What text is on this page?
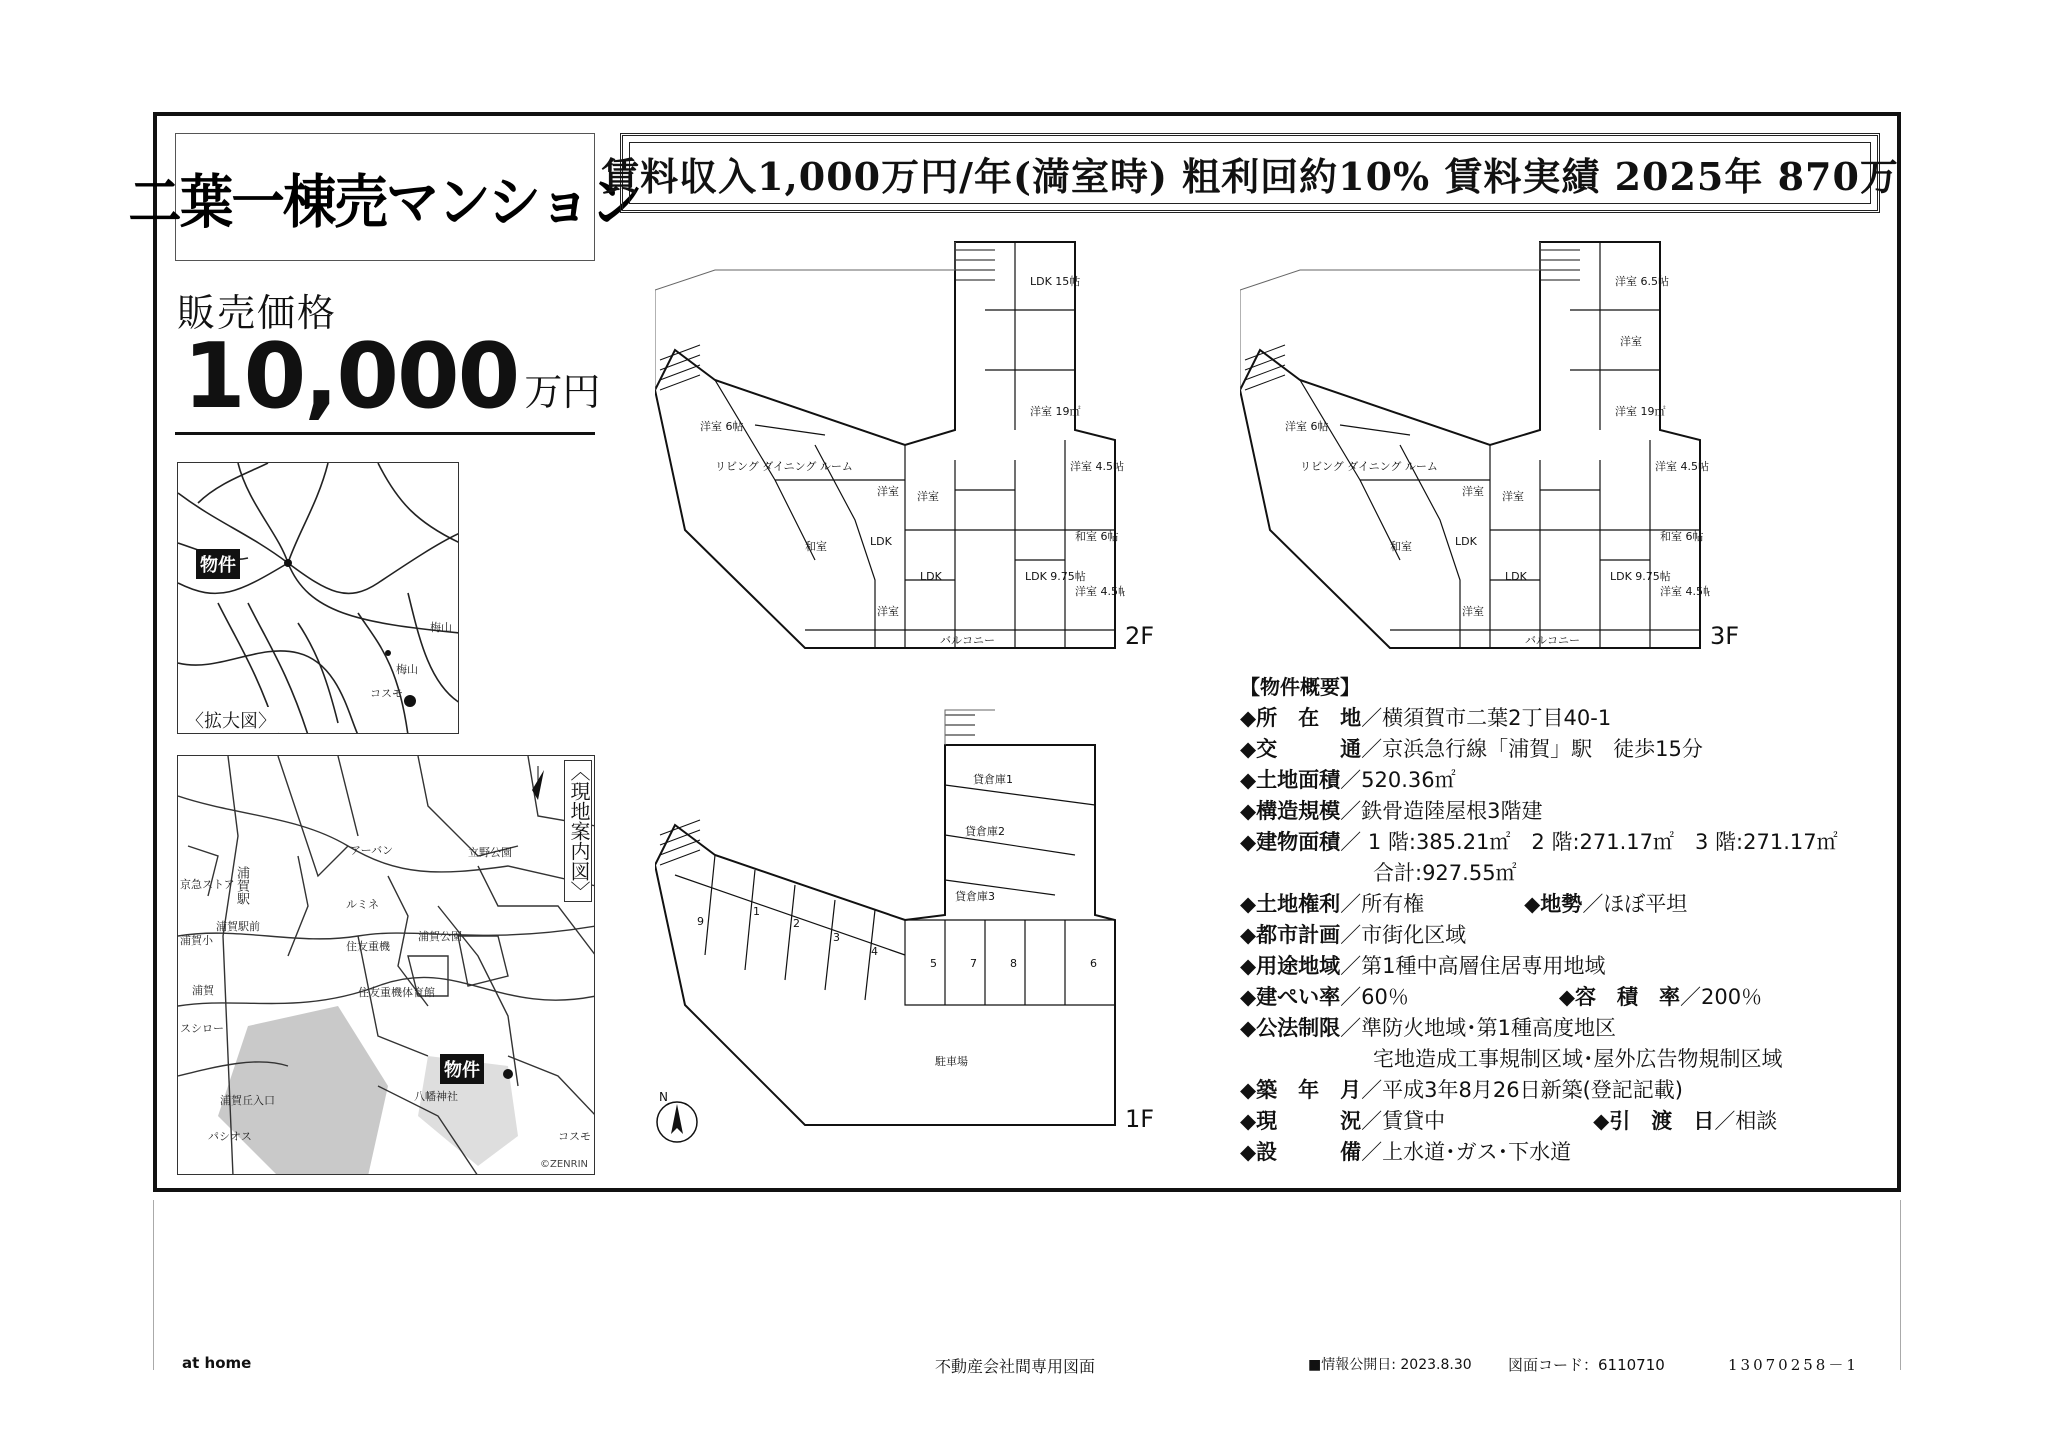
二葉一棟売マンション
販売価格
10,000 万円
賃料収入1,000万円/年(満室時) 粗利回約10% 賃料実績 2025年 870万
物件
梅山
梅山
コスモ
〈拡大図〉
物件
〈現地案内図〉
アーバン	立野公園
京急ストア 浦賀駅
浦賀駅前
浦賀小
ルミネ
住友重機
浦賀公園
住友重機体育館
浦賀
スシロー
浦賀丘入口
パシオス
八幡神社
コスモ
©ZENRIN
LDK 15帖
洋室 19㎡
洋室 6帖
リビング ダイニング ルーム
洋室 洋室
洋室 4.5帖
LDK
LDK	LDK 9.75帖
和室
洋室
洋室 4.5帖
和室 6帖
バルコニー	2F
洋室 6.5帖
洋室
洋室 19㎡
洋室 6帖
リビング ダイニング ルーム
洋室 洋室
洋室 4.5帖
LDK
LDK	LDK 9.75帖
和室
洋室
洋室 4.5帖
和室 6帖
バルコニー	3F
貸倉庫1
貸倉庫2
貸倉庫3
1
2
3
4
5	6
7	8
9
駐車場
1F
N
【物件概要】
◆所　在　地／横須賀市二葉2丁目40-1
◆交　　　通／京浜急行線「浦賀」駅　徒歩15分
◆土地面積／520.36㎡
◆構造規模／鉄骨造陸屋根3階建
◆建物面積／ 1 階:385.21㎡　2 階:271.17㎡　3 階:271.17㎡
合計:927.55㎡
◆土地権利／所有権	◆地勢／ほぼ平坦
◆都市計画／市街化区域
◆用途地域／第1種中高層住居専用地域
◆建ぺい率／60％	◆容　積　率／200％
◆公法制限／準防火地域･第1種高度地区
宅地造成工事規制区域･屋外広告物規制区域
◆築　年　月／平成3年8月26日新築(登記記載)
◆現　　　況／賃貸中	◆引　渡　日／相談
◆設　　　備／上水道･ガス･下水道
at home	不動産会社間専用図面	■情報公開日: 2023.8.30 図面コード：6110710	13070258－1
